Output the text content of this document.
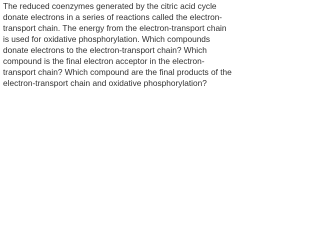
The reduced coenzymes generated by the citric acid cycle donate electrons in a series of reactions called the electron-transport chain. The energy from the electron-transport chain is used for oxidative phosphorylation. Which compounds donate electrons to the electron-transport chain? Which compound is the final electron acceptor in the electron-transport chain? Which compound are the final products of the electron-transport chain and oxidative phosphorylation?
